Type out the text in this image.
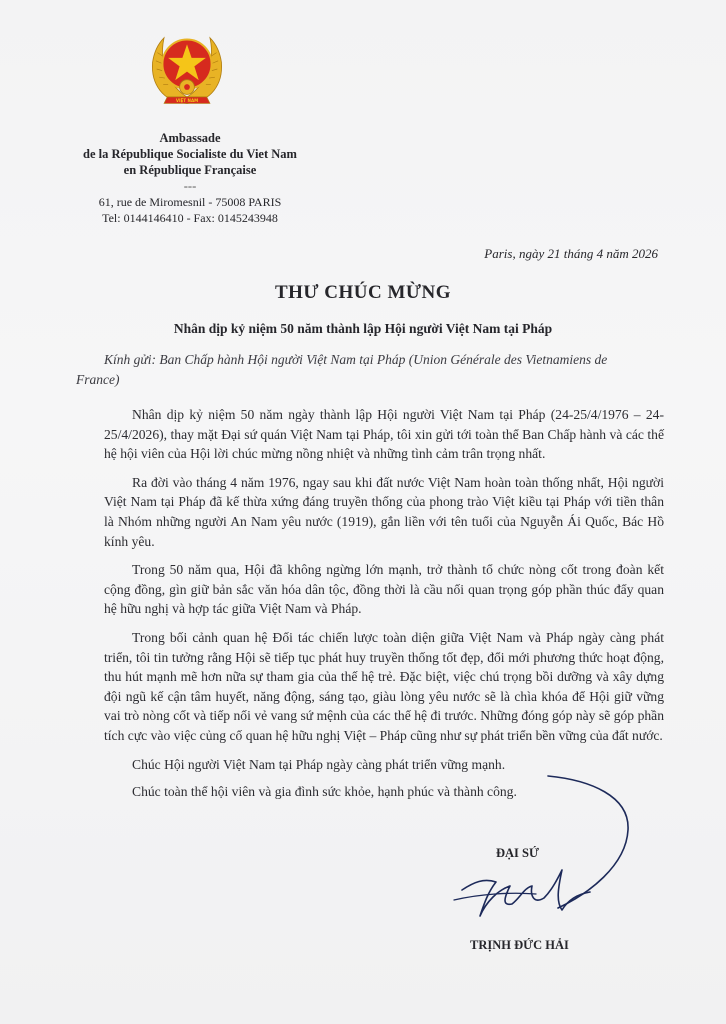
VIỆT NAM
Ambassade
de la République Socialiste du Viet Nam
en République Française
---
61, rue de Miromesnil - 75008 PARIS
Tel: 0144146410 - Fax: 0145243948
Paris, ngày 21 tháng 4 năm 2026
THƯ CHÚC MỪNG
Nhân dịp kỷ niệm 50 năm thành lập Hội người Việt Nam tại Pháp
Kính gửi: Ban Chấp hành Hội người Việt Nam tại Pháp (Union Générale des Vietnamiens de France)

Nhân dịp kỷ niệm 50 năm ngày thành lập Hội người Việt Nam tại Pháp (24-25/4/1976 – 24-25/4/2026), thay mặt Đại sứ quán Việt Nam tại Pháp, tôi xin gửi tới toàn thể Ban Chấp hành và các thế hệ hội viên của Hội lời chúc mừng nồng nhiệt và những tình cảm trân trọng nhất.

Ra đời vào tháng 4 năm 1976, ngay sau khi đất nước Việt Nam hoàn toàn thống nhất, Hội người Việt Nam tại Pháp đã kế thừa xứng đáng truyền thống của phong trào Việt kiều tại Pháp với tiền thân là Nhóm những người An Nam yêu nước (1919), gắn liền với tên tuổi của Nguyễn Ái Quốc, Bác Hồ kính yêu.

Trong 50 năm qua, Hội đã không ngừng lớn mạnh, trở thành tổ chức nòng cốt trong đoàn kết cộng đồng, gìn giữ bản sắc văn hóa dân tộc, đồng thời là cầu nối quan trọng góp phần thúc đẩy quan hệ hữu nghị và hợp tác giữa Việt Nam và Pháp.

Trong bối cảnh quan hệ Đối tác chiến lược toàn diện giữa Việt Nam và Pháp ngày càng phát triển, tôi tin tưởng rằng Hội sẽ tiếp tục phát huy truyền thống tốt đẹp, đổi mới phương thức hoạt động, thu hút mạnh mẽ hơn nữa sự tham gia của thế hệ trẻ. Đặc biệt, việc chú trọng bồi dưỡng và xây dựng đội ngũ kế cận tâm huyết, năng động, sáng tạo, giàu lòng yêu nước sẽ là chìa khóa để Hội giữ vững vai trò nòng cốt và tiếp nối vẻ vang sứ mệnh của các thế hệ đi trước. Những đóng góp này sẽ góp phần tích cực vào việc củng cố quan hệ hữu nghị Việt – Pháp cũng như sự phát triển bền vững của đất nước.

Chúc Hội người Việt Nam tại Pháp ngày càng phát triển vững mạnh.

Chúc toàn thể hội viên và gia đình sức khỏe, hạnh phúc và thành công.

ĐẠI SỨ
TRỊNH ĐỨC HẢI
